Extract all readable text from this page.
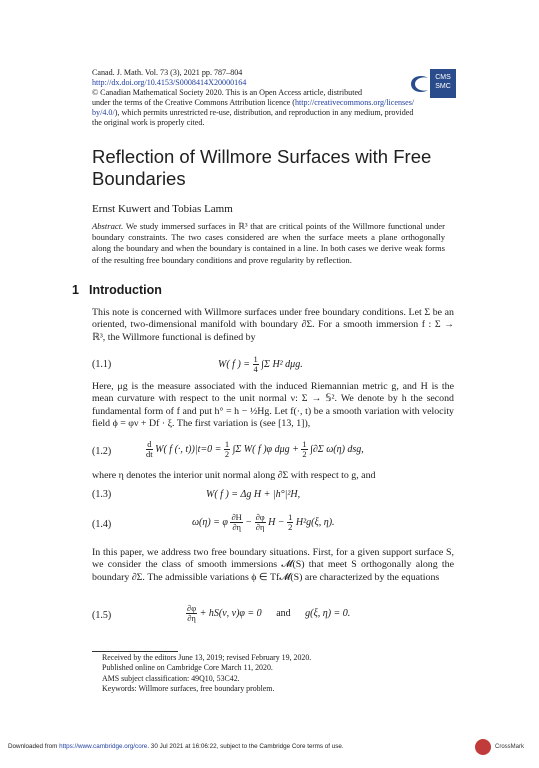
Canad. J. Math. Vol. 73 (3), 2021 pp. 787–804
http://dx.doi.org/10.4153/S0008414X20000164
© Canadian Mathematical Society 2020. This is an Open Access article, distributed
under the terms of the Creative Commons Attribution licence (http://creativecommons.org/licenses/
by/4.0/), which permits unrestricted re-use, distribution, and reproduction in any medium, provided
the original work is properly cited.
CMS
SMC
Reflection of Willmore Surfaces with Free
Boundaries
Ernst Kuwert and Tobias Lamm
Abstract. We study immersed surfaces in ℝ³ that are critical points of the Willmore functional under boundary constraints. The two cases considered are when the surface meets a plane orthogonally along the boundary and when the boundary is contained in a line. In both cases we derive weak forms of the resulting free boundary conditions and prove regularity by reflection.
1 Introduction
This note is concerned with Willmore surfaces under free boundary conditions. Let Σ be an oriented, two-dimensional manifold with boundary ∂Σ. For a smooth immersion f : Σ → ℝ³, the Willmore functional is defined by
(1.1)	W( f ) = $\frac{1}{4} \int\Sigma$ H² dμg.
Here, μg is the measure associated with the induced Riemannian metric g, and H is the mean curvature with respect to the unit normal ν: Σ → 𝕊². We denote by h the second fundamental form of f and put h° = h − ½Hg. Let f(·, t) be a smooth variation with velocity field ϕ = φν + Df · ξ. The first variation is (see [13, 1]),
(1.2)	$\frac{d}{dt} W$( f (·, $t))|t=0 = \frac{1}{2} \int\Sigma$ W( f )φ $d\mu g + \frac{1}{2} \int\partial\Sigma$ ω(η) dsg,
where η denotes the interior unit normal along ∂Σ with respect to g, and
(1.3)	W( f ) = Δg H + |h°|²H,
(1.4)	ω(η) = φ $\frac{\partial H}{\partial\eta} - \frac{\partial\varphi}{\partial\eta}$ $H - \frac{1}{2} H^2g(\xi$, η).
In this paper, we address two free boundary situations. First, for a given support surface S, we consider the class of smooth immersions 𝓜(S) that meet S orthogonally along the boundary ∂Σ. The admissible variations ϕ ∈ Tf𝓜(S) are characterized by the equations
(1.5)	$\frac{\partial\varphi}{\partial\eta} + hS(\nu$, ν)φ = 0 and g(ξ, η) = 0.
Received by the editors June 13, 2019; revised February 19, 2020.
Published online on Cambridge Core March 11, 2020.
AMS subject classification: 49Q10, 53C42.
Keywords: Willmore surfaces, free boundary problem.
Downloaded from https://www.cambridge.org/core. 30 Jul 2021 at 16:06:22, subject to the Cambridge Core terms of use.	CrossMark
